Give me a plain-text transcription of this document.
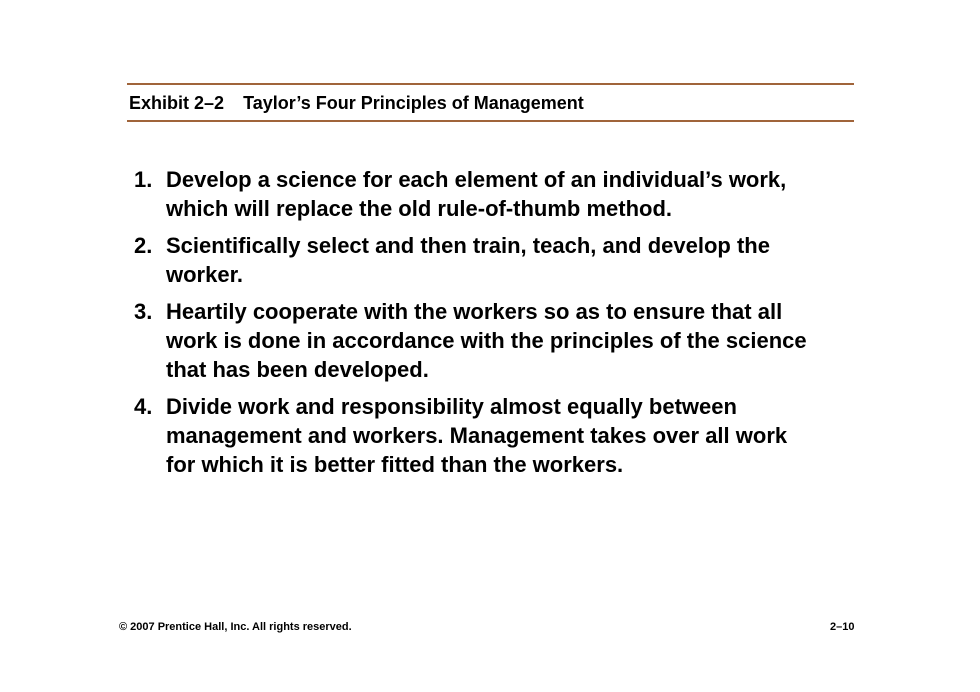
Exhibit 2–2 Taylor’s Four Principles of Management
1. Develop a science for each element of an individual’s work,
which will replace the old rule-of-thumb method.
2. Scientifically select and then train, teach, and develop the
worker.
3. Heartily cooperate with the workers so as to ensure that all
work is done in accordance with the principles of the science
that has been developed.
4. Divide work and responsibility almost equally between
management and workers. Management takes over all work
for which it is better fitted than the workers.
© 2007 Prentice Hall, Inc. All rights reserved.	2–10
